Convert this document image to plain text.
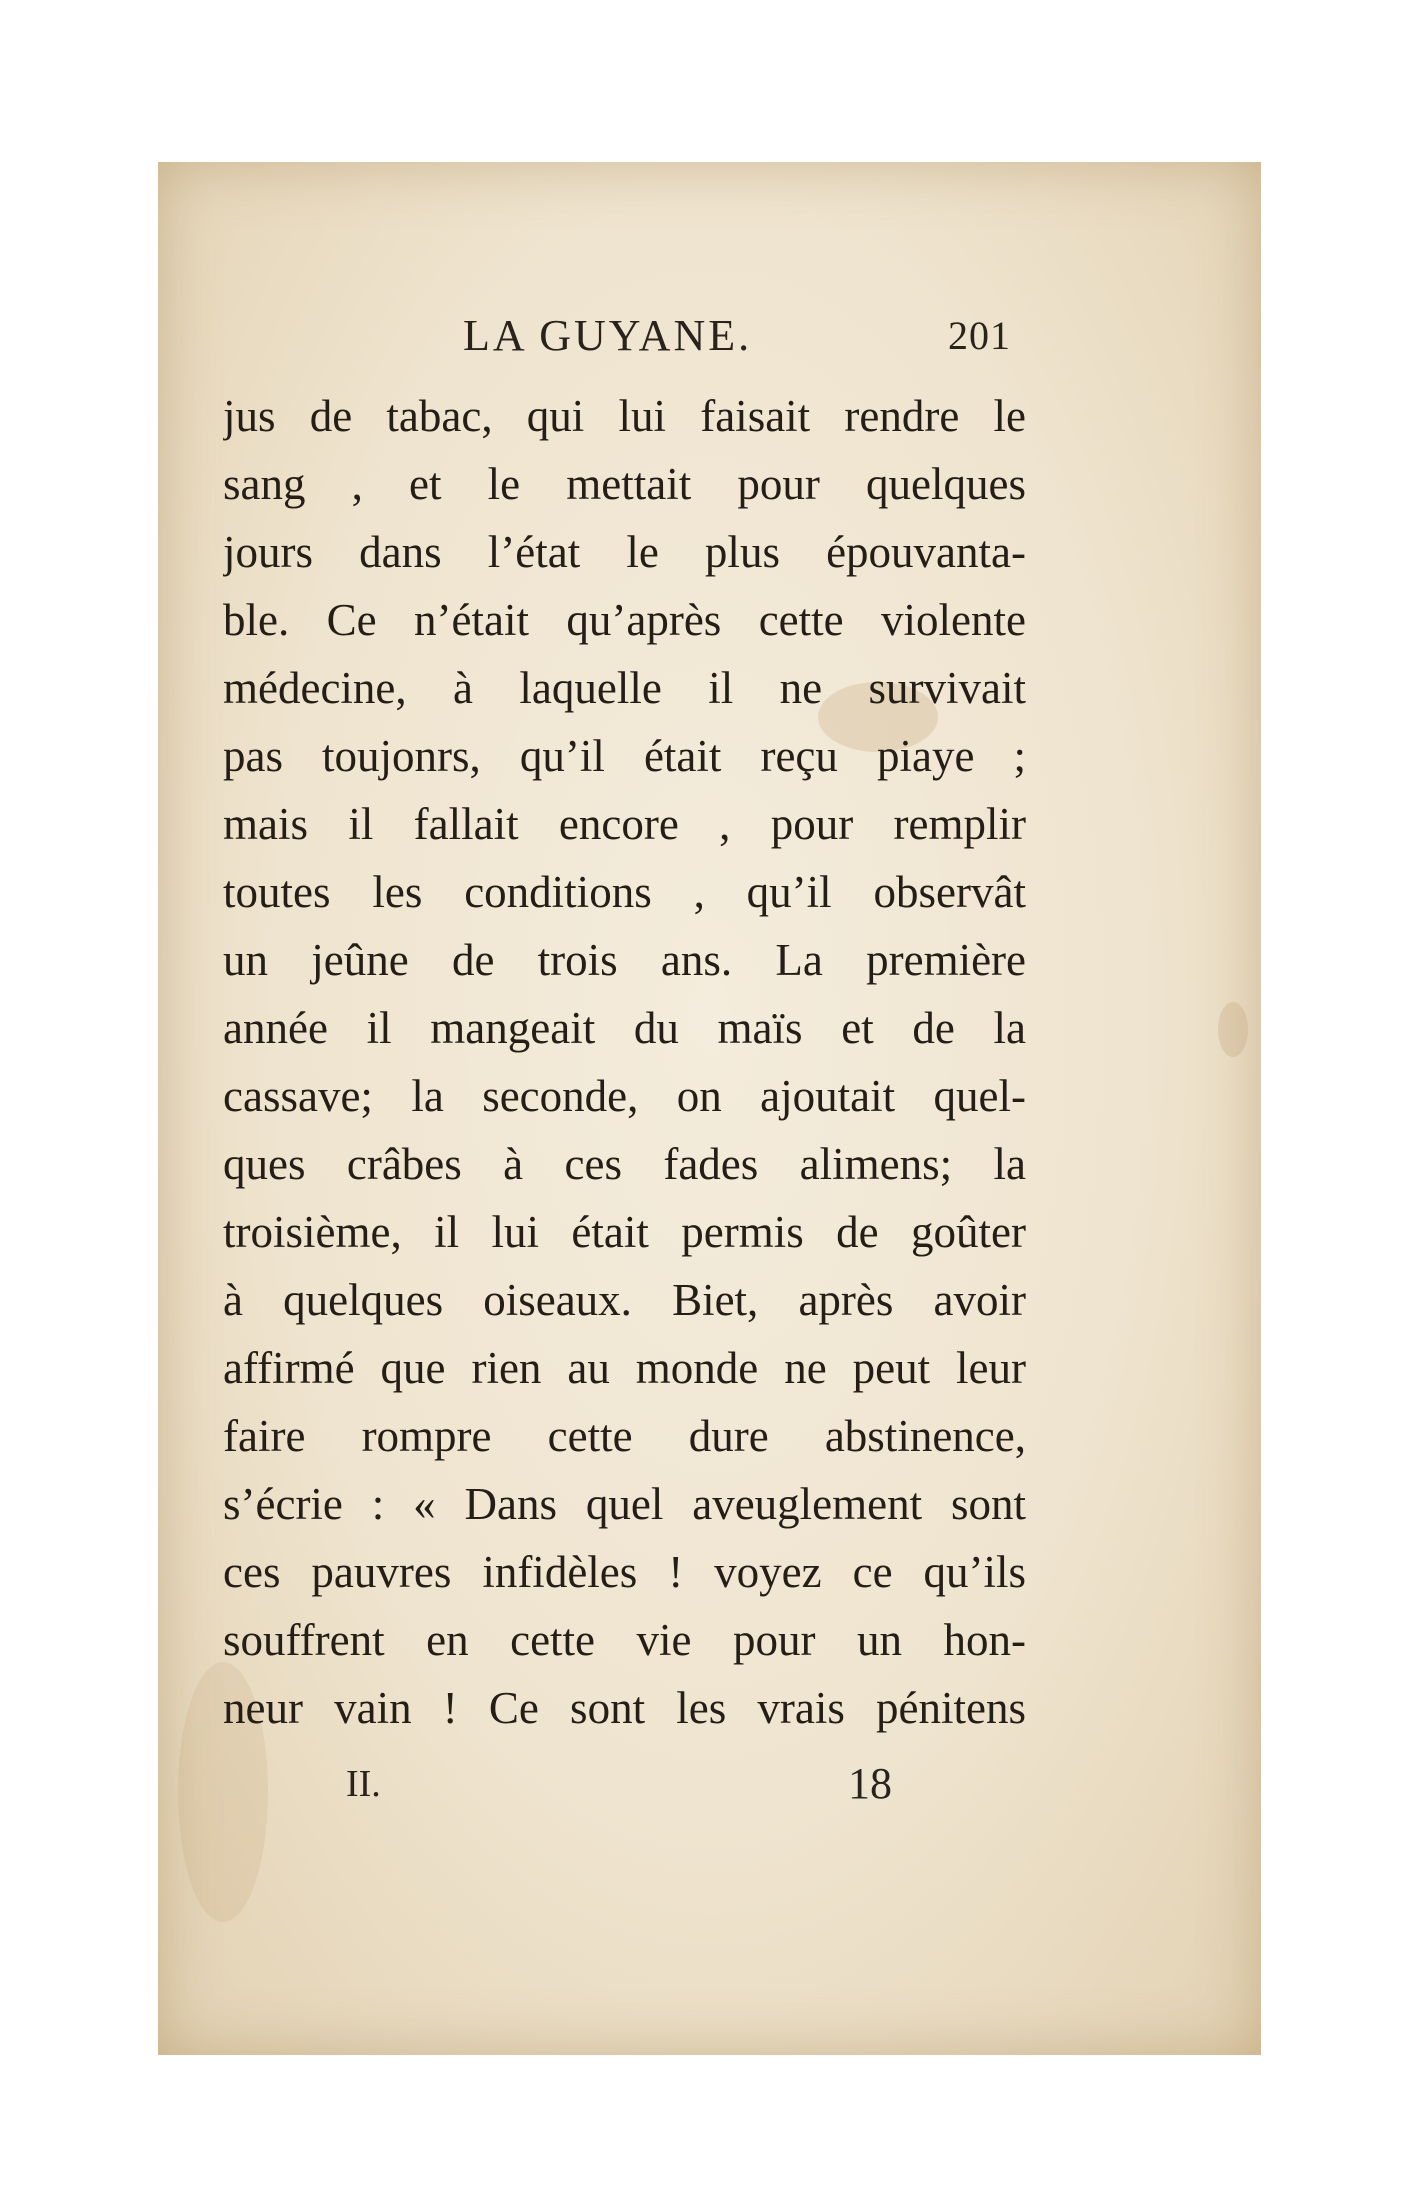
LA GUYANE.	201
jus de tabac, qui lui faisait rendre le
sang , et le mettait pour quelques
jours dans l’état le plus épouvanta-
ble. Ce n’était qu’après cette violente
médecine, à laquelle il ne survivait
pas toujonrs, qu’il était reçu piaye ;
mais il fallait encore , pour remplir
toutes les conditions , qu’il observât
un jeûne de trois ans. La première
année il mangeait du maïs et de la
cassave; la seconde, on ajoutait quel-
ques crâbes à ces fades alimens; la
troisième, il lui était permis de goûter
à quelques oiseaux. Biet, après avoir
affirmé que rien au monde ne peut leur
faire rompre cette dure abstinence,
s’écrie : « Dans quel aveuglement sont
ces pauvres infidèles ! voyez ce qu’ils
souffrent en cette vie pour un hon-
neur vain ! Ce sont les vrais pénitens
II.	18
